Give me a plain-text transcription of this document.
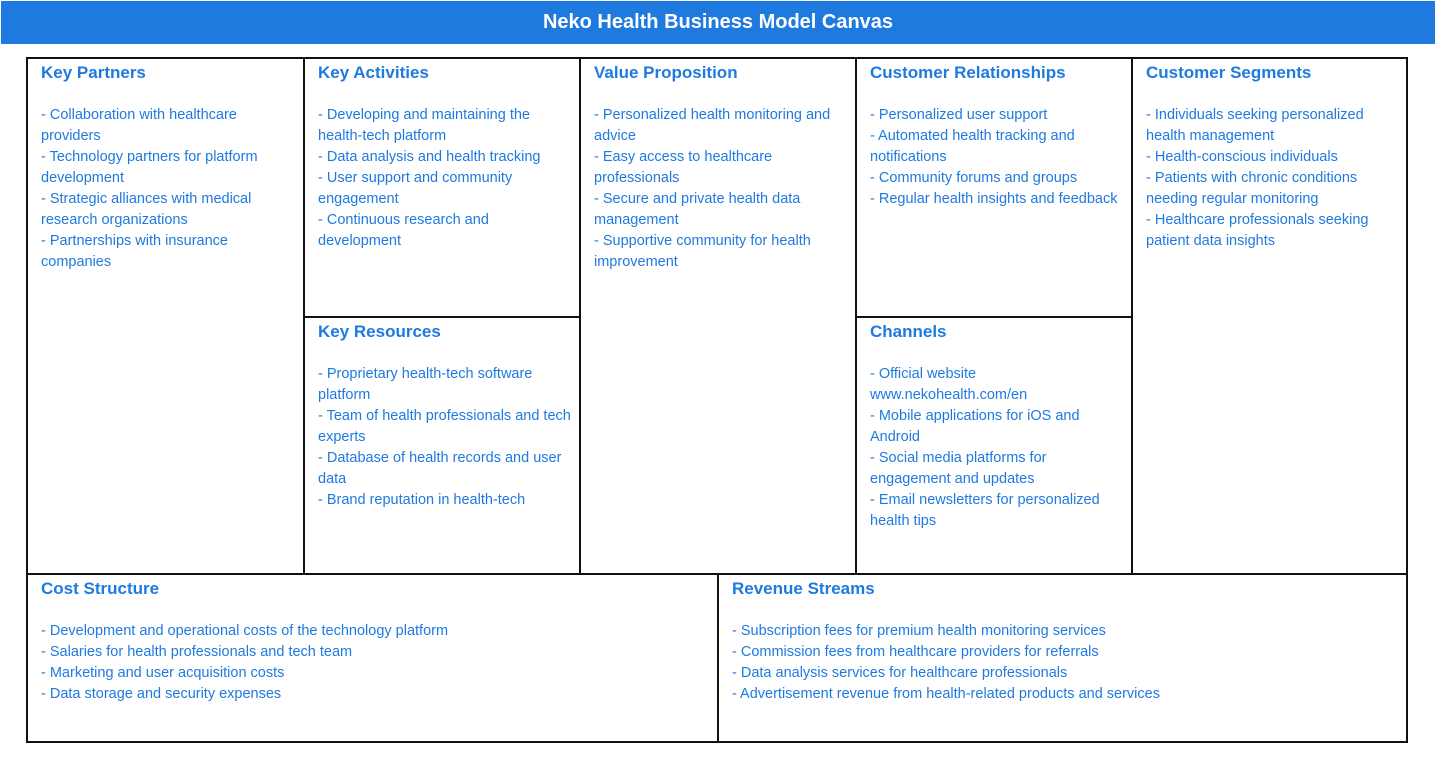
Neko Health Business Model Canvas
Key Partners
- Collaboration with healthcare providers
- Technology partners for platform development
- Strategic alliances with medical research organizations
- Partnerships with insurance companies
Key Activities
- Developing and maintaining the health-tech platform
- Data analysis and health tracking
- User support and community engagement
- Continuous research and development
Key Resources
- Proprietary health-tech software platform
- Team of health professionals and tech experts
- Database of health records and user data
- Brand reputation in health-tech
Value Proposition
- Personalized health monitoring and advice
- Easy access to healthcare professionals
- Secure and private health data management
- Supportive community for health improvement
Customer Relationships
- Personalized user support
- Automated health tracking and notifications
- Community forums and groups
- Regular health insights and feedback
Channels
- Official website www.nekohealth.com/en
- Mobile applications for iOS and Android
- Social media platforms for engagement and updates
- Email newsletters for personalized health tips
Customer Segments
- Individuals seeking personalized health management
- Health-conscious individuals
- Patients with chronic conditions needing regular monitoring
- Healthcare professionals seeking patient data insights
Cost Structure
- Development and operational costs of the technology platform
- Salaries for health professionals and tech team
- Marketing and user acquisition costs
- Data storage and security expenses
Revenue Streams
- Subscription fees for premium health monitoring services
- Commission fees from healthcare providers for referrals
- Data analysis services for healthcare professionals
- Advertisement revenue from health-related products and services
